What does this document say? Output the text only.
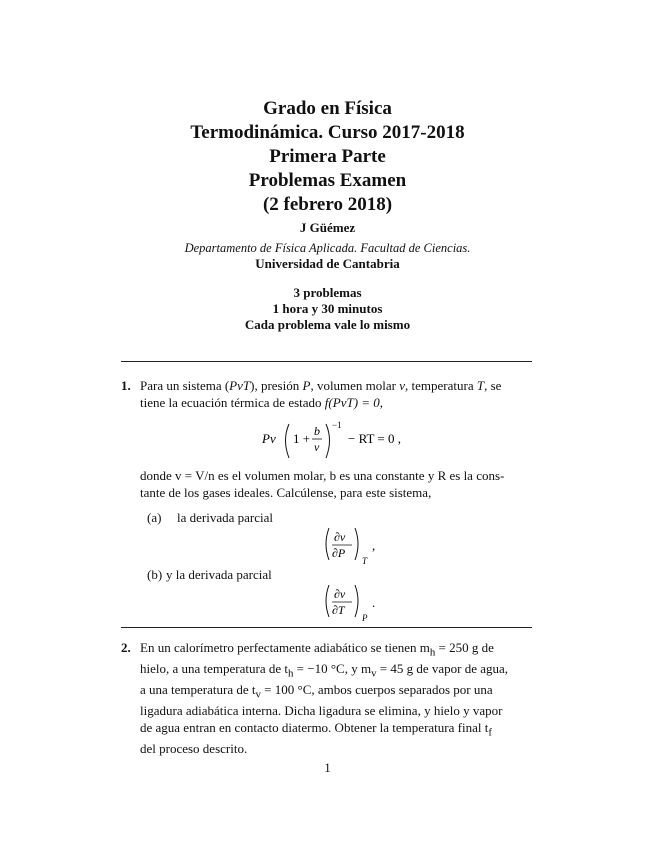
Grado en Física
Termodinámica. Curso 2017-2018
Primera Parte
Problemas Examen
(2 febrero 2018)
J Güémez
Departamento de Física Aplicada. Facultad de Ciencias.
Universidad de Cantabria
3 problemas
1 hora y 30 minutos
Cada problema vale lo mismo
1. Para un sistema (PvT), presión P, volumen molar v, temperatura T, se
tiene la ecuación térmica de estado f(PvT) = 0,
Pv 1 + b
v
−1
− RT = 0 ,
donde v = V/n es el volumen molar, b es una constante y R es la cons-
tante de los gases ideales. Calcúlense, para este sistema,
(a) la derivada parcial
∂v
∂P
T
,
(b) y la derivada parcial
∂v
∂T
P
.
2. En un calorímetro perfectamente adiabático se tienen $m_h = 250$ g de
hielo, a una temperatura de $t_h = -10$ °C, y $m_v = 45$ g de vapor de agua,
a una temperatura de $t_v = 100$ °C, ambos cuerpos separados por una
ligadura adiabática interna. Dicha ligadura se elimina, y hielo y vapor
de agua entran en contacto diatermo. Obtener la temperatura final $t_f$
del proceso descrito.
1
